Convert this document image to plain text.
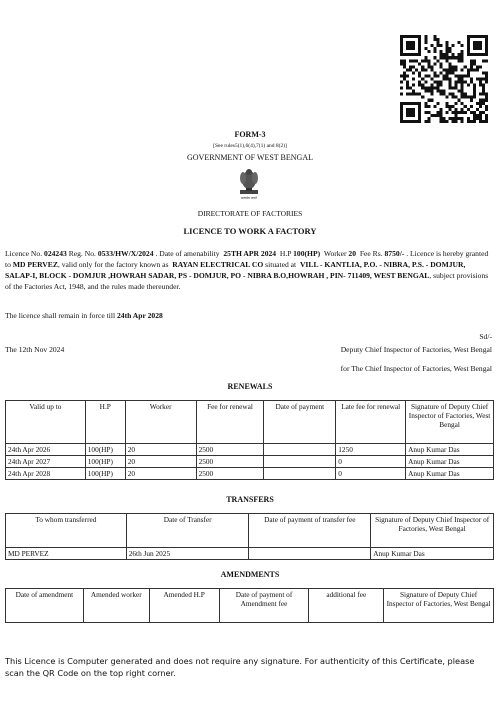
FORM-3
[See rules5(1),6(4),7(1) and 8(2)]
GOVERNMENT OF WEST BENGAL
सत्यमेव जयते
DIRECTORATE OF FACTORIES
LICENCE TO WORK A FACTORY
Licence No. 024243 Reg. No. 0533/HW/X/2024 . Date of amenability 25TH APR 2024 H.P 100(HP) Worker 20 Fee Rs. 8750/- . Licence is hereby granted to MD PERVEZ, valid only for the factory known as RAYAN ELECTRICAL CO situated at VILL - KANTLIA, P.O. - NIBRA, P.S. - DOMJUR, SALAP-I, BLOCK - DOMJUR ,HOWRAH SADAR, PS - DOMJUR, PO - NIBRA B.O,HOWRAH , PIN- 711409, WEST BENGAL, subject provisions of the Factories Act, 1948, and the rules made thereunder.
The licence shall remain in force till 24th Apr 2028
Sd/-
The 12th Nov 2024	Deputy Chief Inspector of Factories, West Bengal
for The Chief Inspector of Factories, West Bengal
RENEWALS
Valid up to	H.P	Worker	Fee for renewal	Date of payment	Late fee for renewal	Signature of Deputy Chief Inspector of Factories, West Bengal
24th Apr 2026	100(HP)	20	2500		1250	Anup Kumar Das
24th Apr 2027	100(HP)	20	2500		0	Anup Kumar Das
24th Apr 2028	100(HP)	20	2500		0	Anup Kumar Das
TRANSFERS
To whom transferred	Date of Transfer	Date of payment of transfer fee	Signature of Deputy Chief Inspector of Factories, West Bengal
MD PERVEZ	26th Jun 2025		Anup Kumar Das
AMENDMENTS
Date of amendment	Amended worker	Amended H.P	Date of payment of Amendment fee	additional fee	Signature of Deputy Chief Inspector of Factories, West Bengal
This Licence is Computer generated and does not require any signature. For authenticity of this Certificate, please scan the QR Code on the top right corner.
